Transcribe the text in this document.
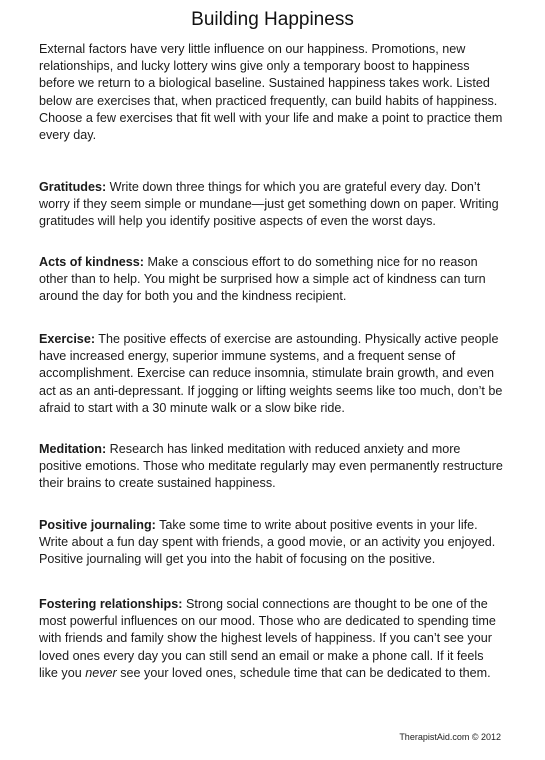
Building Happiness

External factors have very little influence on our happiness. Promotions, new relationships, and lucky lottery wins give only a temporary boost to happiness before we return to a biological baseline. Sustained happiness takes work. Listed below are exercises that, when practiced frequently, can build habits of happiness. Choose a few exercises that fit well with your life and make a point to practice them every day.

Gratitudes: Write down three things for which you are grateful every day. Don’t worry if they seem simple or mundane—just get something down on paper. Writing gratitudes will help you identify positive aspects of even the worst days.

Acts of kindness: Make a conscious effort to do something nice for no reason other than to help. You might be surprised how a simple act of kindness can turn around the day for both you and the kindness recipient.

Exercise: The positive effects of exercise are astounding. Physically active people have increased energy, superior immune systems, and a frequent sense of accomplishment. Exercise can reduce insomnia, stimulate brain growth, and even act as an anti-depressant. If jogging or lifting weights seems like too much, don’t be afraid to start with a 30 minute walk or a slow bike ride.

Meditation: Research has linked meditation with reduced anxiety and more positive emotions. Those who meditate regularly may even permanently restructure their brains to create sustained happiness.

Positive journaling: Take some time to write about positive events in your life. Write about a fun day spent with friends, a good movie, or an activity you enjoyed. Positive journaling will get you into the habit of focusing on the positive.

Fostering relationships: Strong social connections are thought to be one of the most powerful influences on our mood. Those who are dedicated to spending time with friends and family show the highest levels of happiness. If you can’t see your loved ones every day you can still send an email or make a phone call. If it feels like you never see your loved ones, schedule time that can be dedicated to them.

TherapistAid.com © 2012
